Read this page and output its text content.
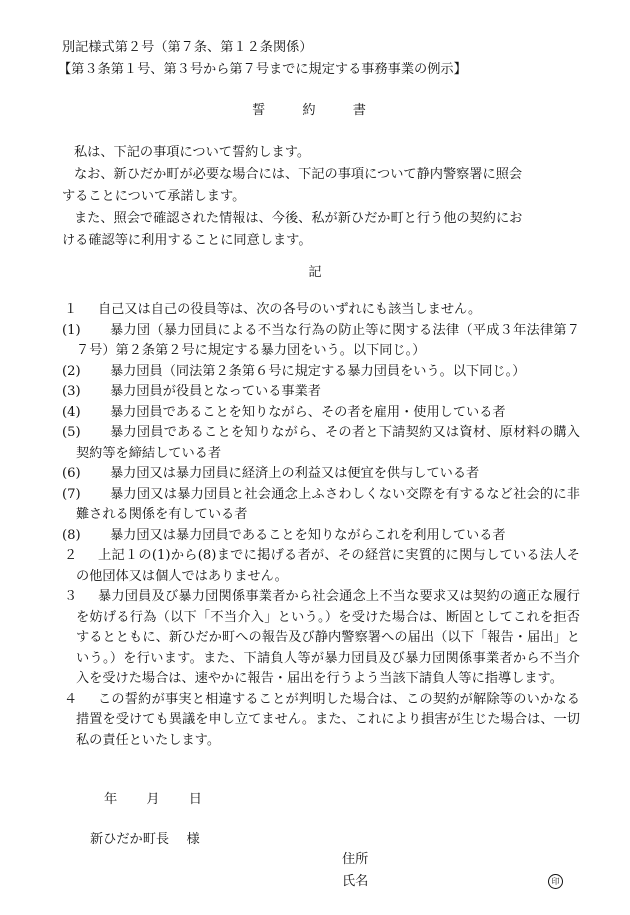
別記様式第２号（第７条、第１２条関係）
【第３条第１号、第３号から第７号までに規定する事務事業の例示】
誓　約　書
私は、下記の事項について誓約します。
なお、新ひだか町が必要な場合には、下記の事項について静内警察署に照会
することについて承諾します。
また、照会で確認された情報は、今後、私が新ひだか町と行う他の契約にお
ける確認等に利用することに同意します。
記
１	自己又は自己の役員等は、次の各号のいずれにも該当しません。
(1)	暴力団（暴力団員による不当な行為の防止等に関する法律（平成３年法律第７７号）第２条第２号に規定する暴力団をいう。以下同じ。）
(2)	暴力団員（同法第２条第６号に規定する暴力団員をいう。以下同じ。）
(3)	暴力団員が役員となっている事業者
(4)	暴力団員であることを知りながら、その者を雇用・使用している者
(5)	暴力団員であることを知りながら、その者と下請契約又は資材、原材料の購入契約等を締結している者
(6)	暴力団又は暴力団員に経済上の利益又は便宜を供与している者
(7)	暴力団又は暴力団員と社会通念上ふさわしくない交際を有するなど社会的に非難される関係を有している者
(8)	暴力団又は暴力団員であることを知りながらこれを利用している者
２	上記１の(1)から(8)までに掲げる者が、その経営に実質的に関与している法人その他団体又は個人ではありません。
３	暴力団員及び暴力団関係事業者から社会通念上不当な要求又は契約の適正な履行を妨げる行為（以下「不当介入」という。）を受けた場合は、断固としてこれを拒否するとともに、新ひだか町への報告及び静内警察署への届出（以下「報告・届出」という。）を行います。また、下請負人等が暴力団員及び暴力団関係事業者から不当介入を受けた場合は、速やかに報告・届出を行うよう当該下請負人等に指導します。
４	この誓約が事実と相違することが判明した場合は、この契約が解除等のいかなる措置を受けても異議を申し立てません。また、これにより損害が生じた場合は、一切私の責任といたします。
年　月　日
新ひだか町長　 様
住所
氏名	印
